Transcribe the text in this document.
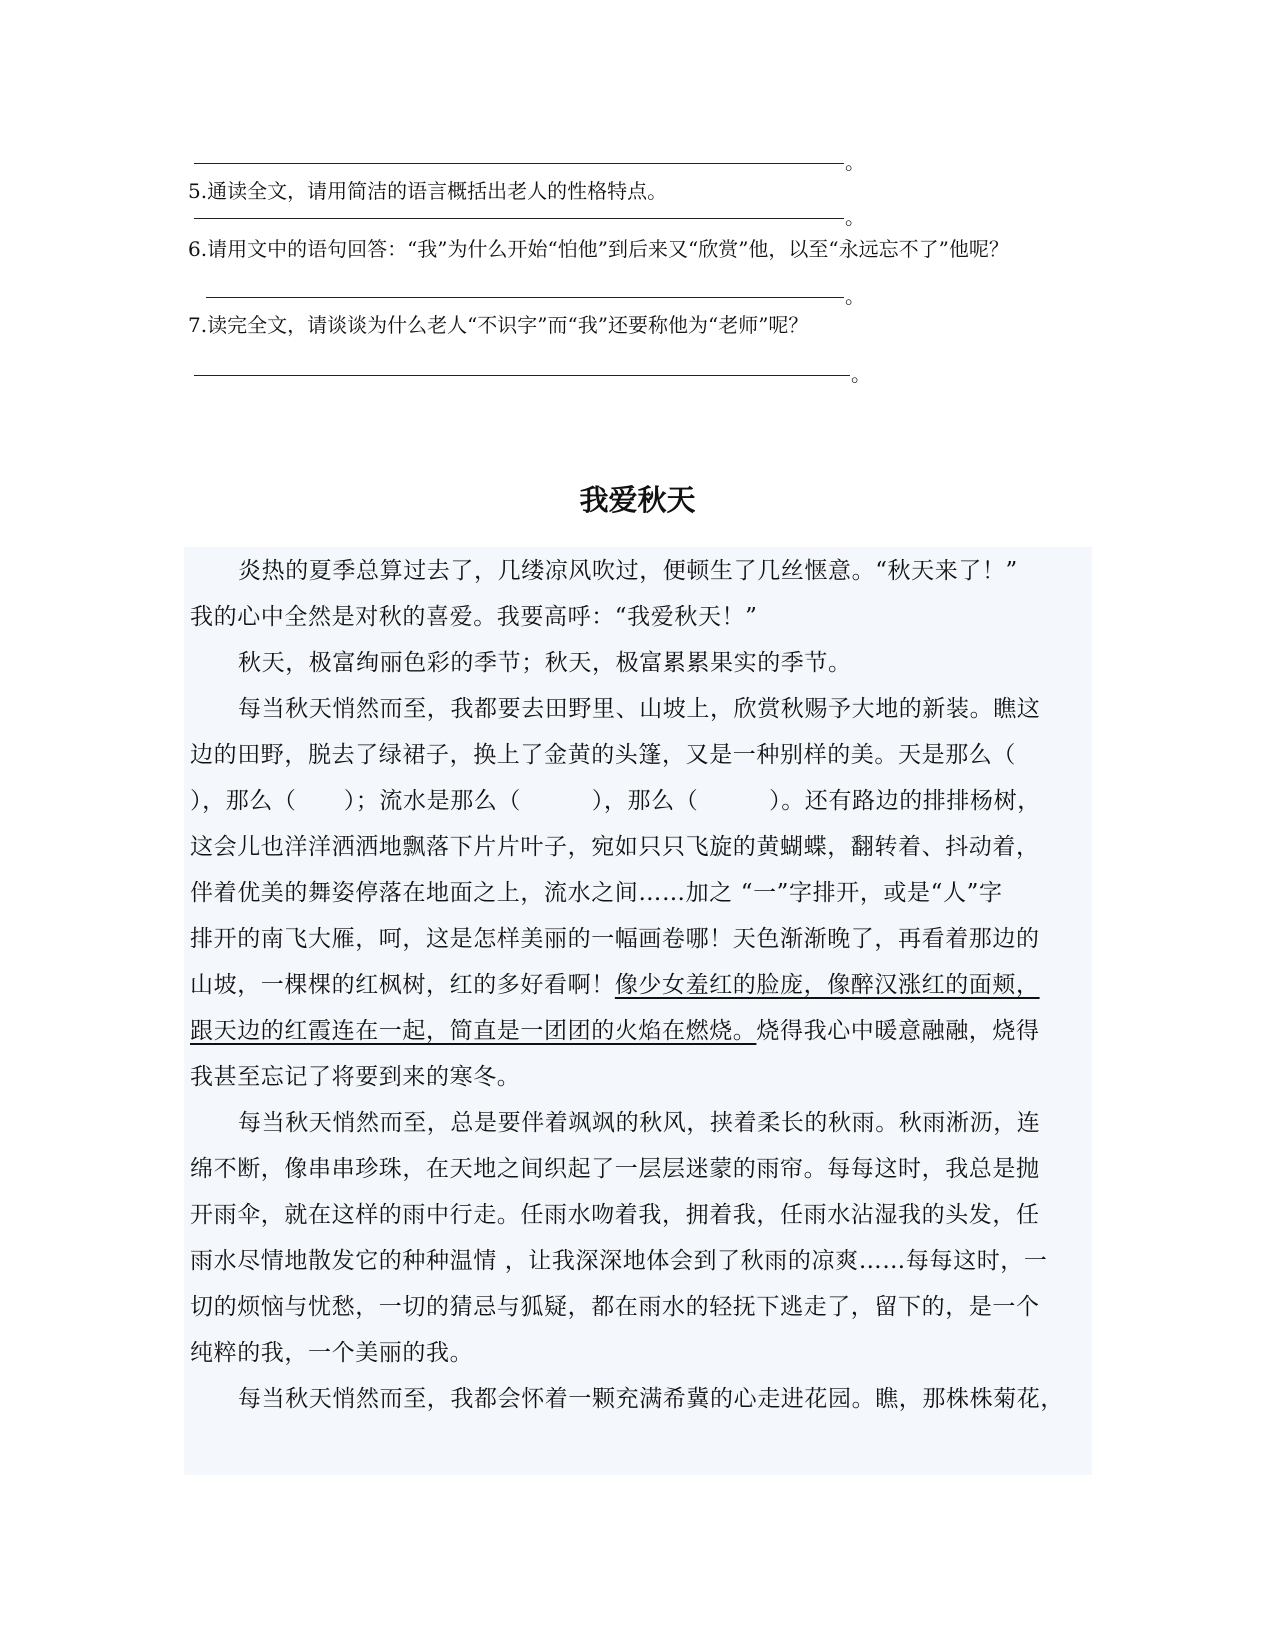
。
5.通读全文，请用简洁的语言概括出老人的性格特点。
。
6.请用文中的语句回答：“我”为什么开始“怕他”到后来又“欣赏”他，以至“永远忘不了”他呢？
。
7.读完全文，请谈谈为什么老人“不识字”而“我”还要称他为“老师”呢？
。
我爱秋天
炎热的夏季总算过去了，几缕凉风吹过，便顿生了几丝惬意。“秋天来了！”
我的心中全然是对秋的喜爱。我要高呼：“我爱秋天！”
秋天，极富绚丽色彩的季节；秋天，极富累累果实的季节。
每当秋天悄然而至，我都要去田野里、山坡上，欣赏秋赐予大地的新装。瞧这
边的田野，脱去了绿裙子，换上了金黄的头篷，又是一种别样的美。天是那么（
），那么（　　）；流水是那么（　　　），那么（　　　）。还有路边的排排杨树，
这会儿也洋洋洒洒地飘落下片片叶子，宛如只只飞旋的黄蝴蝶，翻转着、抖动着，
伴着优美的舞姿停落在地面之上，流水之间……加之 “一”字排开，或是“人”字
排开的南飞大雁，呵，这是怎样美丽的一幅画卷哪！天色渐渐晚了，再看着那边的
山坡，一棵棵的红枫树，红的多好看啊！像少女羞红的脸庞，像醉汉涨红的面颊，
跟天边的红霞连在一起，简直是一团团的火焰在燃烧。烧得我心中暖意融融，烧得
我甚至忘记了将要到来的寒冬。
每当秋天悄然而至，总是要伴着飒飒的秋风，挟着柔长的秋雨。秋雨淅沥，连
绵不断，像串串珍珠，在天地之间织起了一层层迷蒙的雨帘。每每这时，我总是抛
开雨伞，就在这样的雨中行走。任雨水吻着我，拥着我，任雨水沾湿我的头发，任
雨水尽情地散发它的种种温情 ，让我深深地体会到了秋雨的凉爽……每每这时，一
切的烦恼与忧愁，一切的猜忌与狐疑，都在雨水的轻抚下逃走了，留下的，是一个
纯粹的我，一个美丽的我。
每当秋天悄然而至，我都会怀着一颗充满希冀的心走进花园。瞧，那株株菊花，
